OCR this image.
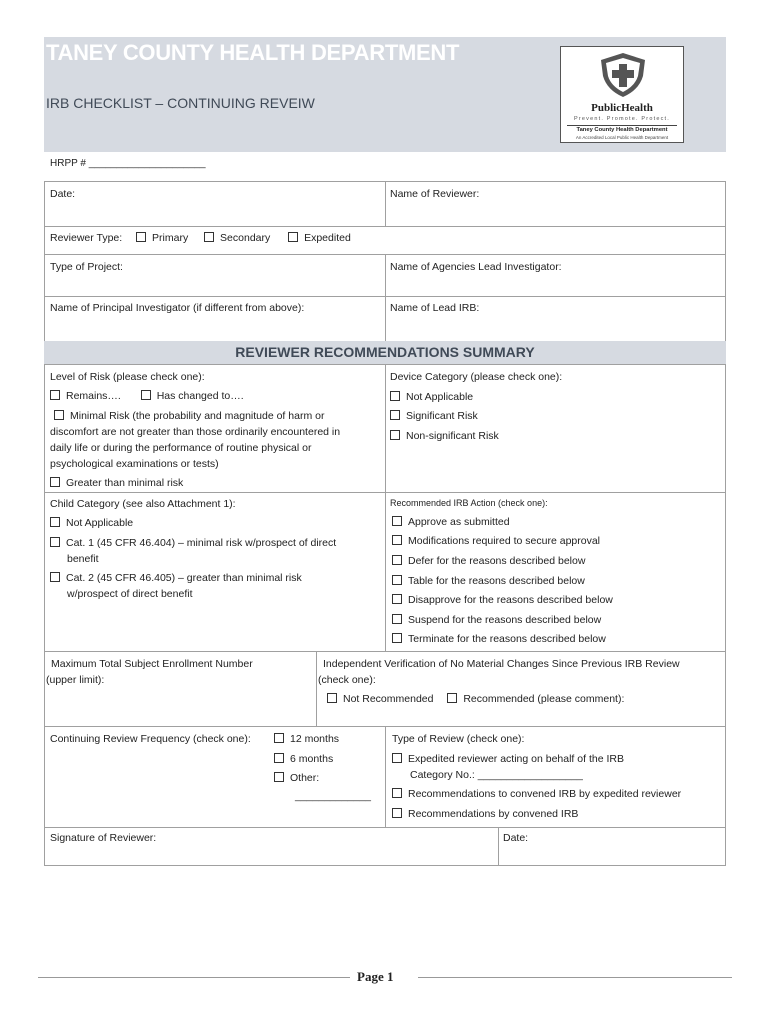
TANEY COUNTY HEALTH DEPARTMENT
IRB CHECKLIST – CONTINUING REVEIW	PublicHealth
Prevent. Promote. Protect.
Taney County Health Department
An Accredited Local Public Health Department
HRPP # _____________________
Date:	Name of Reviewer:
Reviewer Type:	Primary	Secondary	Expedited
Type of Project:	Name of Agencies Lead Investigator:
Name of Principal Investigator (if different from above):	Name of Lead IRB:
REVIEWER RECOMMENDATIONS SUMMARY
Level of Risk (please check one):
Remains….	Has changed to….
Minimal Risk (the probability and magnitude of harm or
discomfort are not greater than those ordinarily encountered in
daily life or during the performance of routine physical or
psychological examinations or tests)
Greater than minimal risk
Device Category (please check one):
Not Applicable
Significant Risk
Non-significant Risk
Child Category (see also Attachment 1):
Not Applicable
Cat. 1 (45 CFR 46.404) – minimal risk w/prospect of direct
benefit
Cat. 2 (45 CFR 46.405) – greater than minimal risk
w/prospect of direct benefit
Recommended IRB Action (check one):
Approve as submitted
Modifications required to secure approval
Defer for the reasons described below
Table for the reasons described below
Disapprove for the reasons described below
Suspend for the reasons described below
Terminate for the reasons described below
Maximum Total Subject Enrollment Number
(upper limit):
Independent Verification of No Material Changes Since Previous IRB Review
(check one):
Not Recommended	Recommended (please comment):
Continuing Review Frequency (check one):	12 months
6 months
Other:
_____________
Type of Review (check one):
Expedited reviewer acting on behalf of the IRB
Category No.: __________________
Recommendations to convened IRB by expedited reviewer
Recommendations by convened IRB
Signature of Reviewer:	Date:
Page 1
